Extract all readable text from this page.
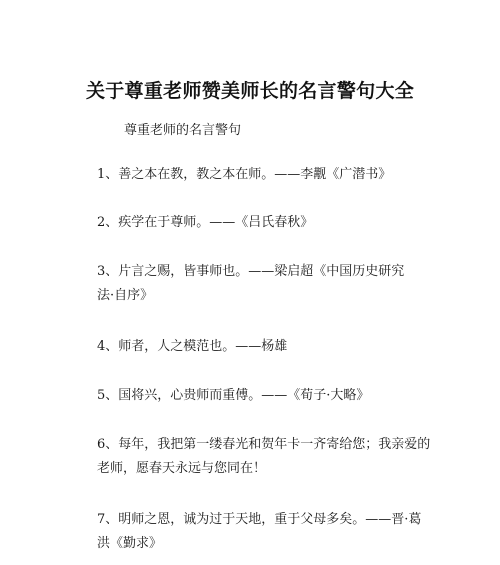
关于尊重老师赞美师长的名言警句大全

尊重老师的名言警句

1、善之本在教，教之本在师。——李觏《广潜书》

2、疾学在于尊师。——《吕氏春秋》

3、片言之赐，皆事师也。——梁启超《中国历史研究
法·自序》

4、师者，人之模范也。——杨雄

5、国将兴，心贵师而重傅。——《荀子·大略》

6、每年，我把第一缕春光和贺年卡一齐寄给您；我亲爱的
老师，愿春天永远与您同在！

7、明师之恩，诚为过于天地，重于父母多矣。——晋·葛
洪《勤求》
